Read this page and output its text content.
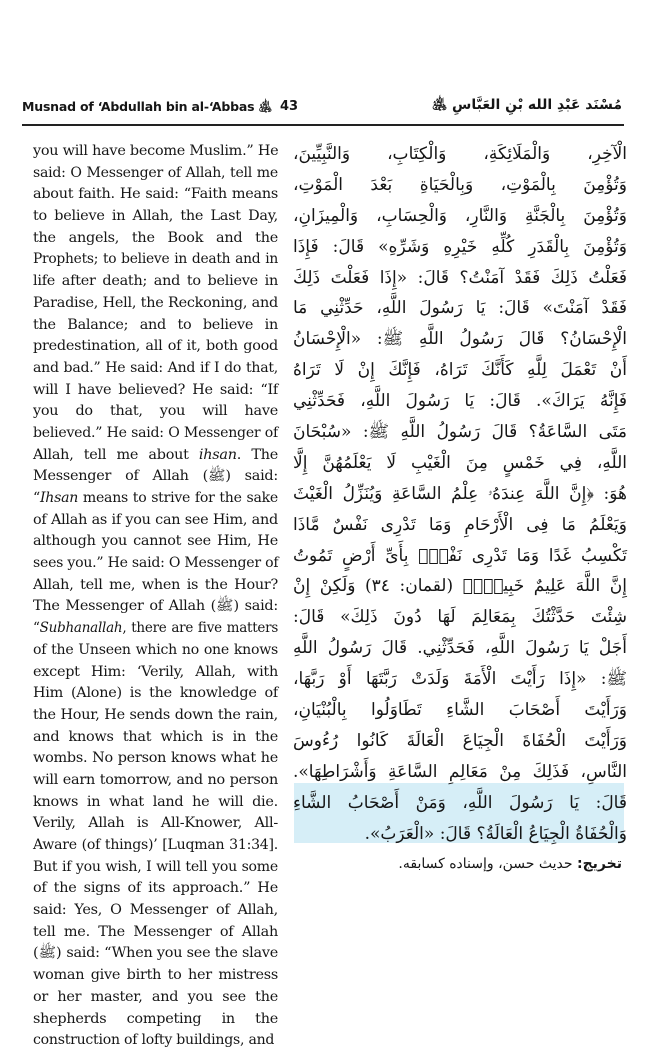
Musnad of ‘Abdullah bin al-‘Abbas ﵁ 43	مُسْنَد عَبْدِ الله بْنِ العَبَّاسِ ﵁
you will have become Muslim.” He
said: O Messenger of Allah, tell me
about faith. He said: “Faith means
to believe in Allah, the Last Day,
the angels, the Book and the
Prophets; to believe in death and in
life after death; and to believe in
Paradise, Hell, the Reckoning, and
the Balance; and to believe in
predestination, all of it, both good
and bad.” He said: And if I do that,
will I have believed? He said: “If
you do that, you will have
believed.” He said: O Messenger of
Allah, tell me about ihsan. The
Messenger of Allah (ﷺ) said:
“Ihsan means to strive for the sake
of Allah as if you can see Him, and
although you cannot see Him, He
sees you.” He said: O Messenger of
Allah, tell me, when is the Hour?
The Messenger of Allah (ﷺ) said:
“Subhanallah, there are five matters
of the Unseen which no one knows
except Him: ‘Verily, Allah, with
Him (Alone) is the knowledge of
the Hour, He sends down the rain,
and knows that which is in the
wombs. No person knows what he
will earn tomorrow, and no person
knows in what land he will die.
Verily, Allah is All-Knower, All-
Aware (of things)’ [Luqman 31:34].
But if you wish, I will tell you some
of the signs of its approach.” He
said: Yes, O Messenger of Allah,
tell me. The Messenger of Allah
(ﷺ) said: “When you see the slave
woman give birth to her mistress
or her master, and you see the
shepherds competing in the
construction of lofty buildings, and
الْآخِرِ، وَالْمَلَائِكَةِ، وَالْكِتَابِ، وَالنَّبِيِّينَ،
وَتُؤْمِنَ بِالْمَوْتِ، وَبِالْحَيَاةِ بَعْدَ الْمَوْتِ،
وَتُؤْمِنَ بِالْجَنَّةِ وَالنَّارِ، وَالْحِسَابِ، وَالْمِيزَانِ،
وَتُؤْمِنَ بِالْقَدَرِ كُلِّهِ خَيْرِهِ وَشَرِّهِ» قَالَ: فَإِذَا
فَعَلْتُ ذَلِكَ فَقَدْ آمَنْتُ؟ قَالَ: «إِذَا فَعَلْتَ ذَلِكَ
فَقَدْ آمَنْتَ» قَالَ: يَا رَسُولَ اللَّهِ، حَدِّثْنِي مَا
الْإِحْسَانُ؟ قَالَ رَسُولُ اللَّهِ ﷺ: «الْإِحْسَانُ
أَنْ تَعْمَلَ لِلَّهِ كَأَنَّكَ تَرَاهُ، فَإِنَّكَ إِنْ لَا تَرَاهُ
فَإِنَّهُ يَرَاكَ». قَالَ: يَا رَسُولَ اللَّهِ، فَحَدِّثْنِي
مَتَى السَّاعَةُ؟ قَالَ رَسُولُ اللَّهِ ﷺ: «سُبْحَانَ
اللَّهِ، فِي خَمْسٍ مِنَ الْغَيْبِ لَا يَعْلَمُهُنَّ إِلَّا
هُوَ: ﴿إِنَّ اللَّهَ عِندَهُۥ عِلْمُ السَّاعَةِ وَيُنَزِّلُ الْغَيْثَ
وَيَعْلَمُ مَا فِى الْأَرْحَامِ وَمَا تَدْرِى نَفْسٌ مَّاذَا
تَكْسِبُ غَدًا وَمَا تَدْرِى نَفْسٌۢ بِأَىِّ أَرْضٍ تَمُوتُ
إِنَّ اللَّهَ عَلِيمٌ خَبِيرٌۢ﴾ (لقمان: ٣٤) وَلَكِنْ إِنْ
شِئْتَ حَدَّثْتُكَ بِمَعَالِمَ لَهَا دُونَ ذَلِكَ» قَالَ:
أَجَلْ يَا رَسُولَ اللَّهِ، فَحَدِّثْنِي. قَالَ رَسُولُ اللَّهِ
ﷺ: «إِذَا رَأَيْتَ الْأَمَةَ وَلَدَتْ رَبَّتَهَا أَوْ رَبَّهَا،
وَرَأَيْتَ أَصْحَابَ الشَّاءِ تَطَاوَلُوا بِالْبُنْيَانِ،
وَرَأَيْتَ الْحُفَاةَ الْجِيَاعَ الْعَالَةَ كَانُوا رُءُوسَ
النَّاسِ، فَذَلِكَ مِنْ مَعَالِمِ السَّاعَةِ وَأَشْرَاطِهَا».
قَالَ: يَا رَسُولَ اللَّهِ، وَمَنْ أَصْحَابُ الشَّاءِ
وَالْحُفَاةُ الْجِيَاعُ الْعَالَةُ؟ قَالَ: «الْعَرَبُ».
تخريج: حديث حسن، وإسناده كسابقه.
